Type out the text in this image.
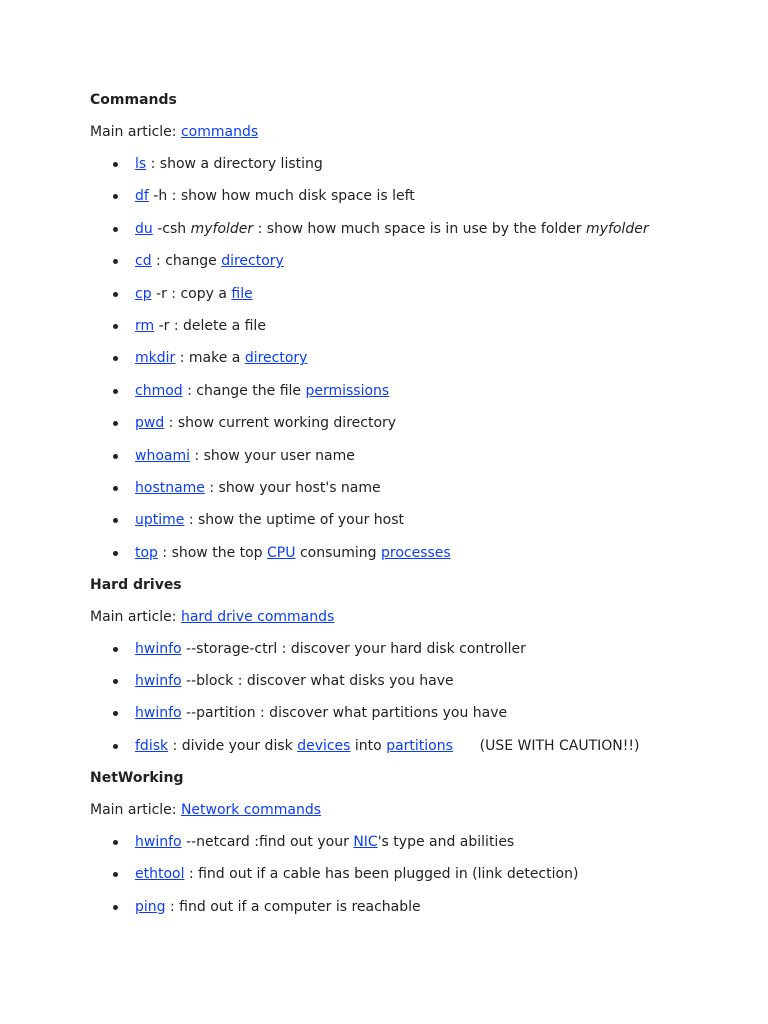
Commands
Main article: commands
ls : show a directory listing
df -h : show how much disk space is left
du -csh myfolder : show how much space is in use by the folder myfolder
cd : change directory
cp -r : copy a file
rm -r : delete a file
mkdir : make a directory
chmod : change the file permissions
pwd : show current working directory
whoami : show your user name
hostname : show your host's name
uptime : show the uptime of your host
top : show the top CPU consuming processes
Hard drives
Main article: hard drive commands
hwinfo --storage-ctrl : discover your hard disk controller
hwinfo --block : discover what disks you have
hwinfo --partition : discover what partitions you have
fdisk : divide your disk devices into partitions      (USE WITH CAUTION!!)
NetWorking
Main article: Network commands
hwinfo --netcard :find out your NIC's type and abilities
ethtool : find out if a cable has been plugged in (link detection)
ping : find out if a computer is reachable
